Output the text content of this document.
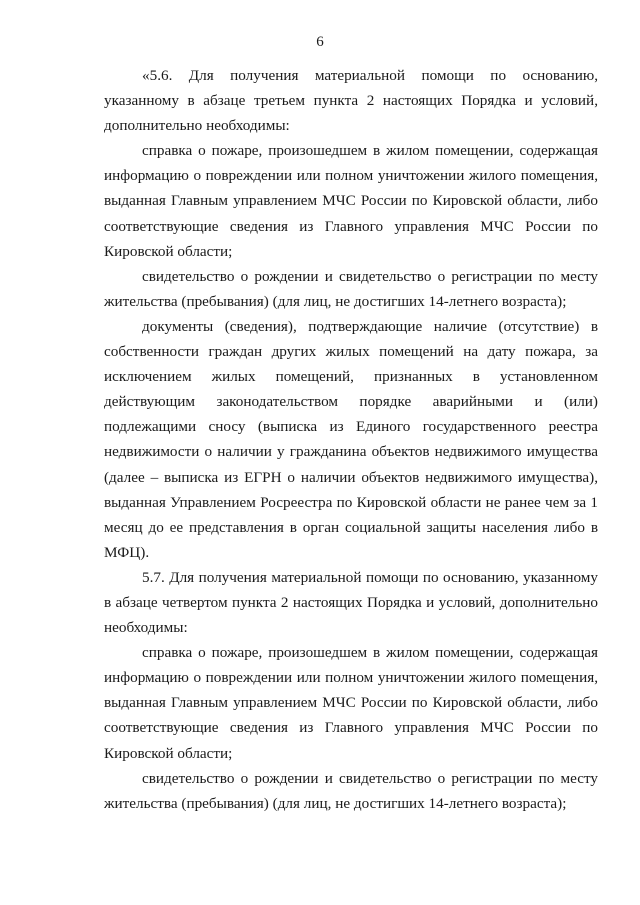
6

«5.6. Для получения материальной помощи по основанию, указанному в абзаце третьем пункта 2 настоящих Порядка и условий, дополнительно необходимы:

справка о пожаре, произошедшем в жилом помещении, содержащая информацию о повреждении или полном уничтожении жилого помещения, выданная Главным управлением МЧС России по Кировской области, либо соответствующие сведения из Главного управления МЧС России по Кировской области;

свидетельство о рождении и свидетельство о регистрации по месту жительства (пребывания) (для лиц, не достигших 14-летнего возраста);

документы (сведения), подтверждающие наличие (отсутствие) в собственности граждан других жилых помещений на дату пожара, за исключением жилых помещений, признанных в установленном действующим законодательством порядке аварийными и (или) подлежащими сносу (выписка из Единого государственного реестра недвижимости о наличии у гражданина объектов недвижимого имущества (далее – выписка из ЕГРН о наличии объектов недвижимого имущества), выданная Управлением Росреестра по Кировской области не ранее чем за 1 месяц до ее представления в орган социальной защиты населения либо в МФЦ).

5.7. Для получения материальной помощи по основанию, указанному в абзаце четвертом пункта 2 настоящих Порядка и условий, дополнительно необходимы:

справка о пожаре, произошедшем в жилом помещении, содержащая информацию о повреждении или полном уничтожении жилого помещения, выданная Главным управлением МЧС России по Кировской области, либо соответствующие сведения из Главного управления МЧС России по Кировской области;

свидетельство о рождении и свидетельство о регистрации по месту жительства (пребывания) (для лиц, не достигших 14-летнего возраста);
